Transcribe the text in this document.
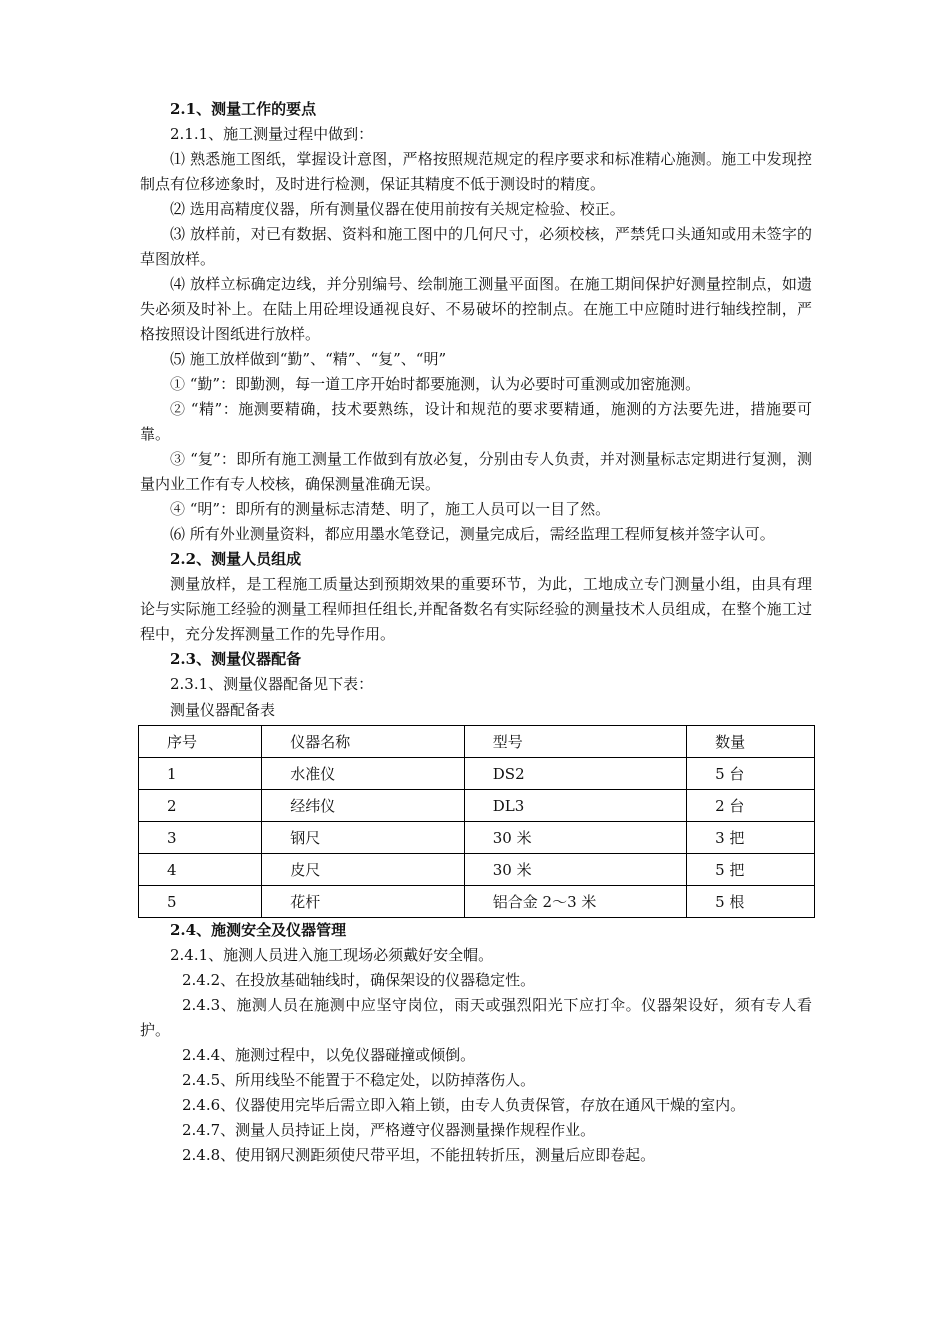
2.1、测量工作的要点

2.1.1、施工测量过程中做到：

⑴ 熟悉施工图纸，掌握设计意图，严格按照规范规定的程序要求和标准精心施测。施工中发现控制点有位移迹象时，及时进行检测，保证其精度不低于测设时的精度。

⑵ 选用高精度仪器，所有测量仪器在使用前按有关规定检验、校正。

⑶ 放样前，对已有数据、资料和施工图中的几何尺寸，必须校核，严禁凭口头通知或用未签字的草图放样。

⑷ 放样立标确定边线，并分别编号、绘制施工测量平面图。在施工期间保护好测量控制点，如遗失必须及时补上。在陆上用砼埋设通视良好、不易破坏的控制点。在施工中应随时进行轴线控制，严格按照设计图纸进行放样。

⑸ 施工放样做到“勤”、“精”、“复”、“明”

① “勤”：即勤测，每一道工序开始时都要施测，认为必要时可重测或加密施测。

② “精”：施测要精确，技术要熟练，设计和规范的要求要精通，施测的方法要先进，措施要可靠。

③ “复”：即所有施工测量工作做到有放必复，分别由专人负责，并对测量标志定期进行复测，测量内业工作有专人校核，确保测量准确无误。

④ “明”：即所有的测量标志清楚、明了，施工人员可以一目了然。

⑹ 所有外业测量资料，都应用墨水笔登记，测量完成后，需经监理工程师复核并签字认可。

2.2、测量人员组成

测量放样，是工程施工质量达到预期效果的重要环节，为此，工地成立专门测量小组，由具有理论与实际施工经验的测量工程师担任组长,并配备数名有实际经验的测量技术人员组成，在整个施工过程中，充分发挥测量工作的先导作用。

2.3、测量仪器配备

2.3.1、测量仪器配备见下表：

测量仪器配备表

序号	仪器名称	型号	数量
1	水准仪	DS2	5 台
2	经纬仪	DL3	2 台
3	钢尺	30 米	3 把
4	皮尺	30 米	5 把
5	花杆	铝合金 2～3 米	5 根

2.4、施测安全及仪器管理

2.4.1、施测人员进入施工现场必须戴好安全帽。

2.4.2、在投放基础轴线时，确保架设的仪器稳定性。

2.4.3、施测人员在施测中应坚守岗位，雨天或强烈阳光下应打伞。仪器架设好，须有专人看护。

2.4.4、施测过程中，以免仪器碰撞或倾倒。

2.4.5、所用线坠不能置于不稳定处，以防掉落伤人。

2.4.6、仪器使用完毕后需立即入箱上锁，由专人负责保管，存放在通风干燥的室内。

2.4.7、测量人员持证上岗，严格遵守仪器测量操作规程作业。

2.4.8、使用钢尺测距须使尺带平坦，不能扭转折压，测量后应即卷起。
